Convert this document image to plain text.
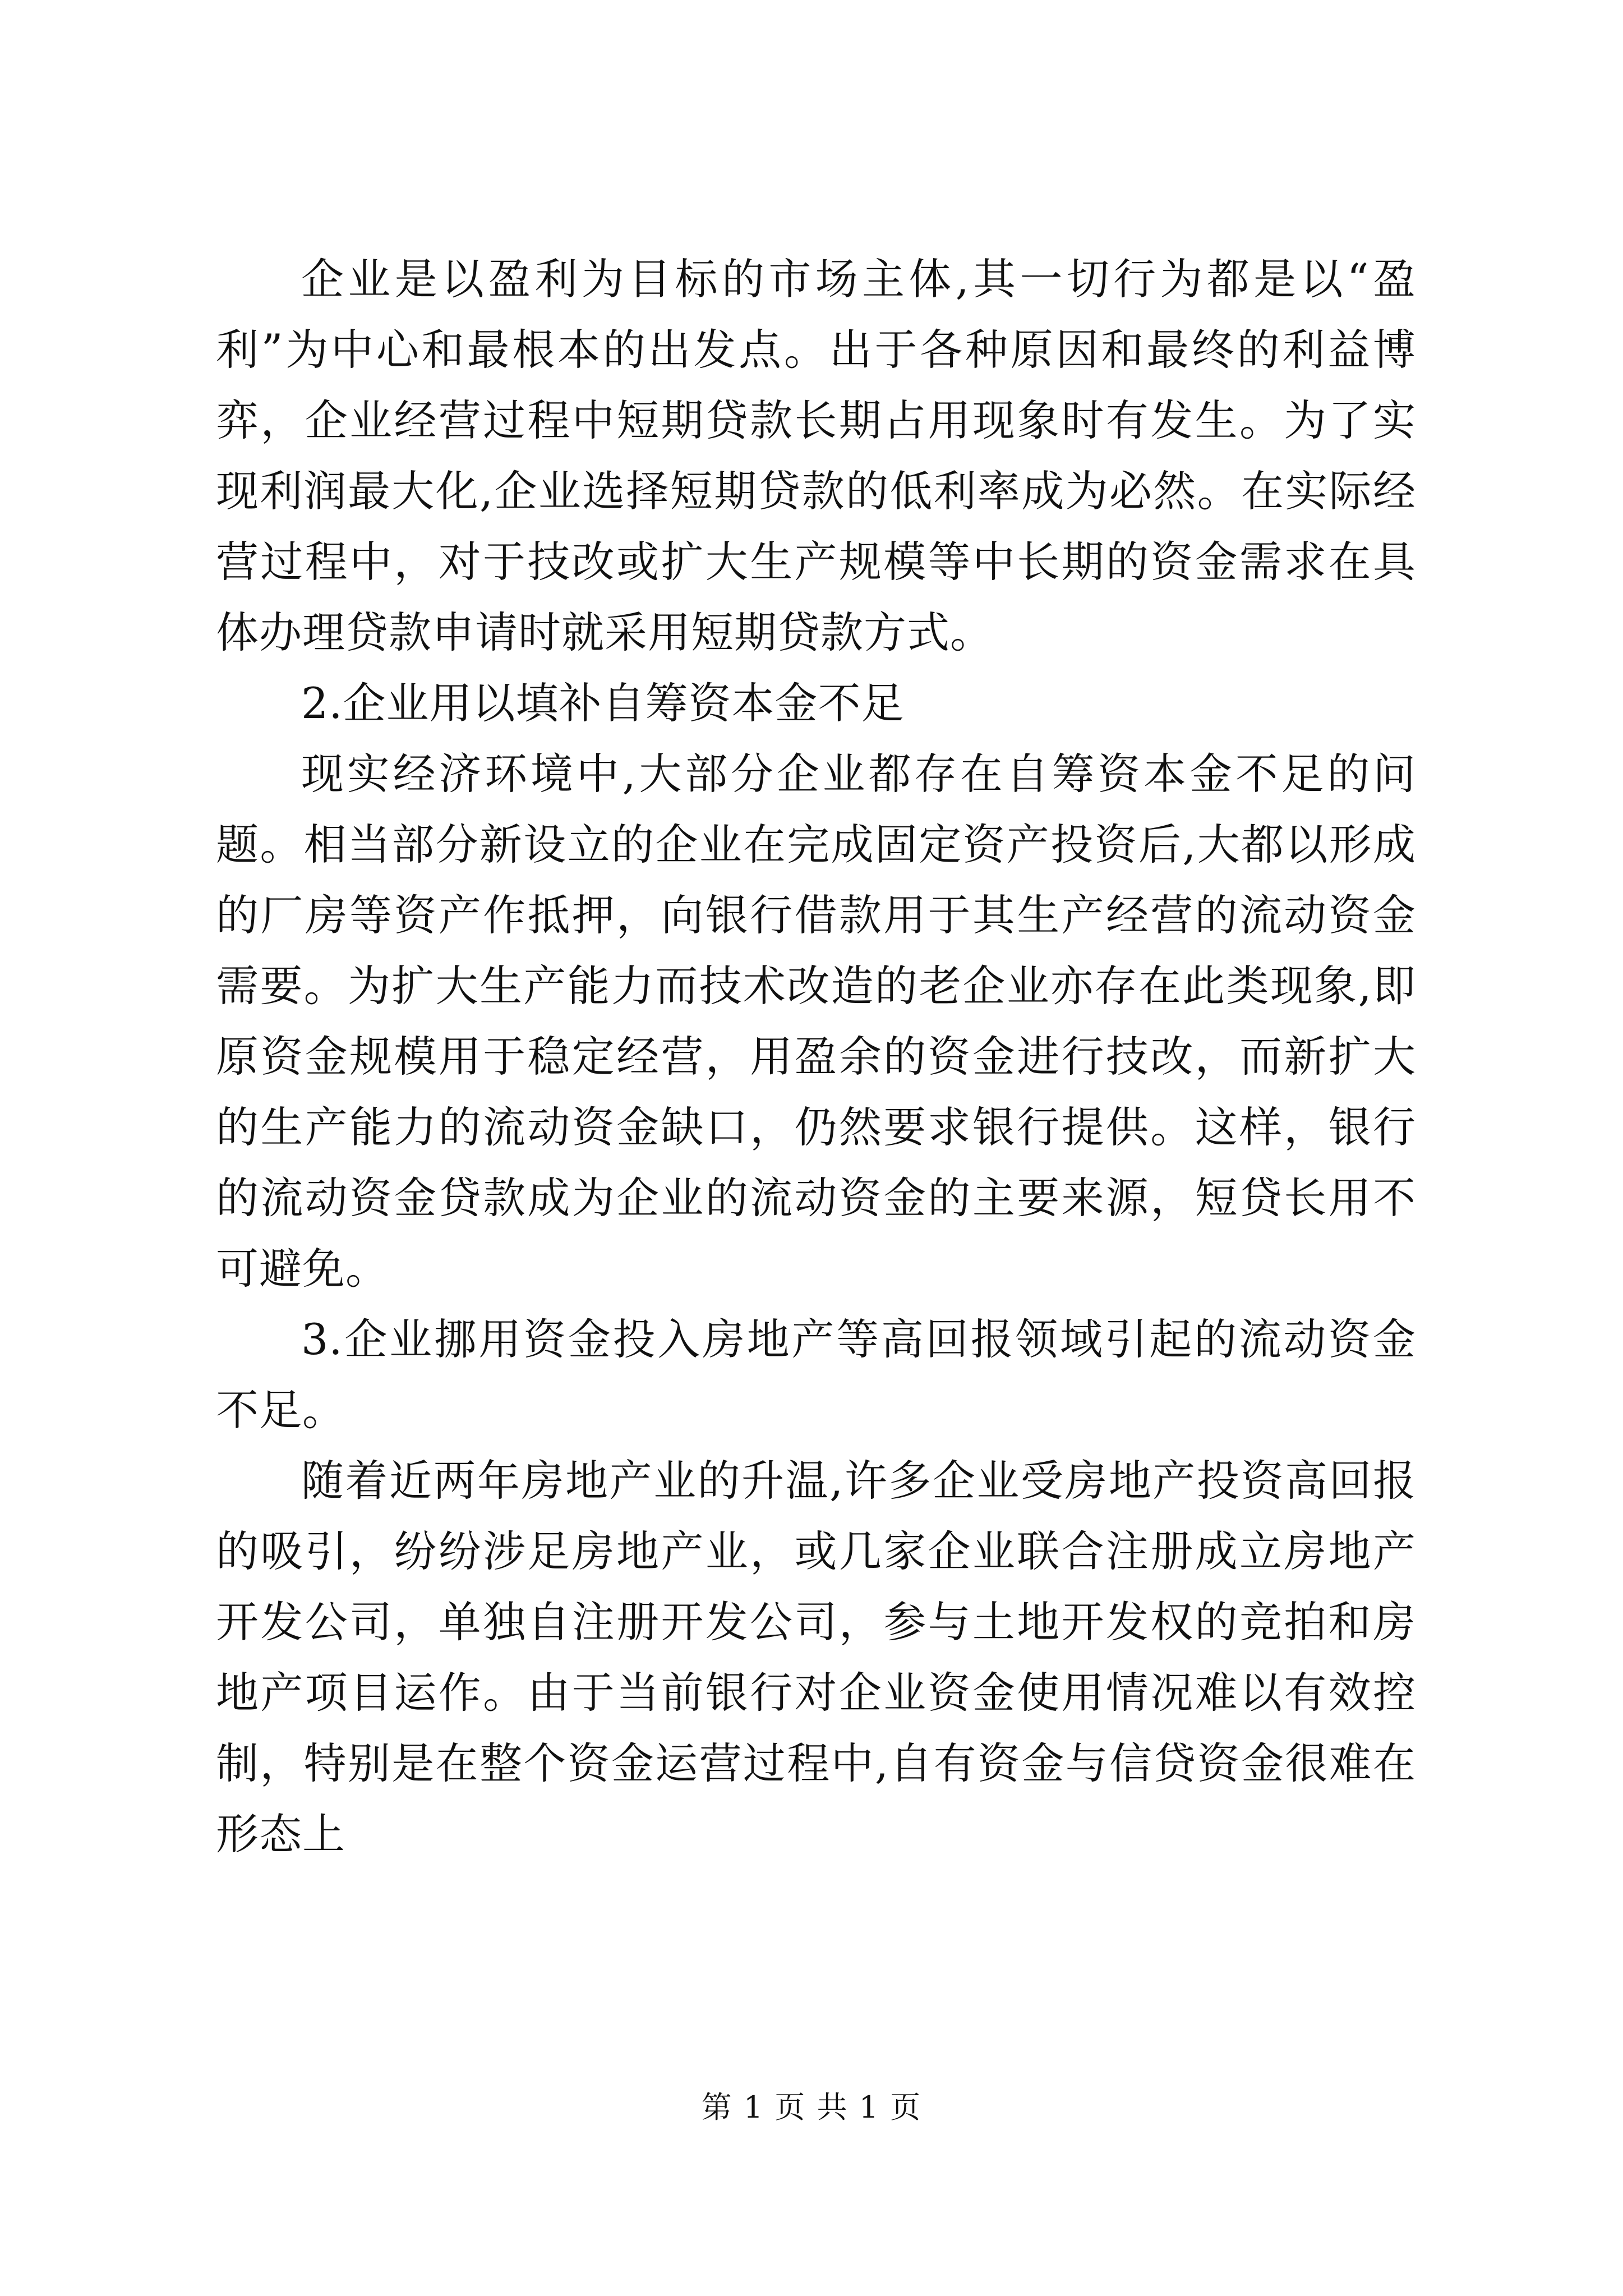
企业是以盈利为目标的市场主体,其一切行为都是以“盈利”为中心和最根本的出发点。出于各种原因和最终的利益博弈，企业经营过程中短期贷款长期占用现象时有发生。为了实现利润最大化,企业选择短期贷款的低利率成为必然。在实际经营过程中，对于技改或扩大生产规模等中长期的资金需求在具体办理贷款申请时就采用短期贷款方式。

2.企业用以填补自筹资本金不足

现实经济环境中,大部分企业都存在自筹资本金不足的问题。相当部分新设立的企业在完成固定资产投资后,大都以形成的厂房等资产作抵押，向银行借款用于其生产经营的流动资金需要。为扩大生产能力而技术改造的老企业亦存在此类现象,即原资金规模用于稳定经营，用盈余的资金进行技改，而新扩大的生产能力的流动资金缺口，仍然要求银行提供。这样，银行的流动资金贷款成为企业的流动资金的主要来源，短贷长用不可避免。

3.企业挪用资金投入房地产等高回报领域引起的流动资金不足。

随着近两年房地产业的升温,许多企业受房地产投资高回报的吸引，纷纷涉足房地产业，或几家企业联合注册成立房地产开发公司，单独自注册开发公司，参与土地开发权的竞拍和房地产项目运作。由于当前银行对企业资金使用情况难以有效控制，特别是在整个资金运营过程中,自有资金与信贷资金很难在形态上

第 1 页 共 1 页
